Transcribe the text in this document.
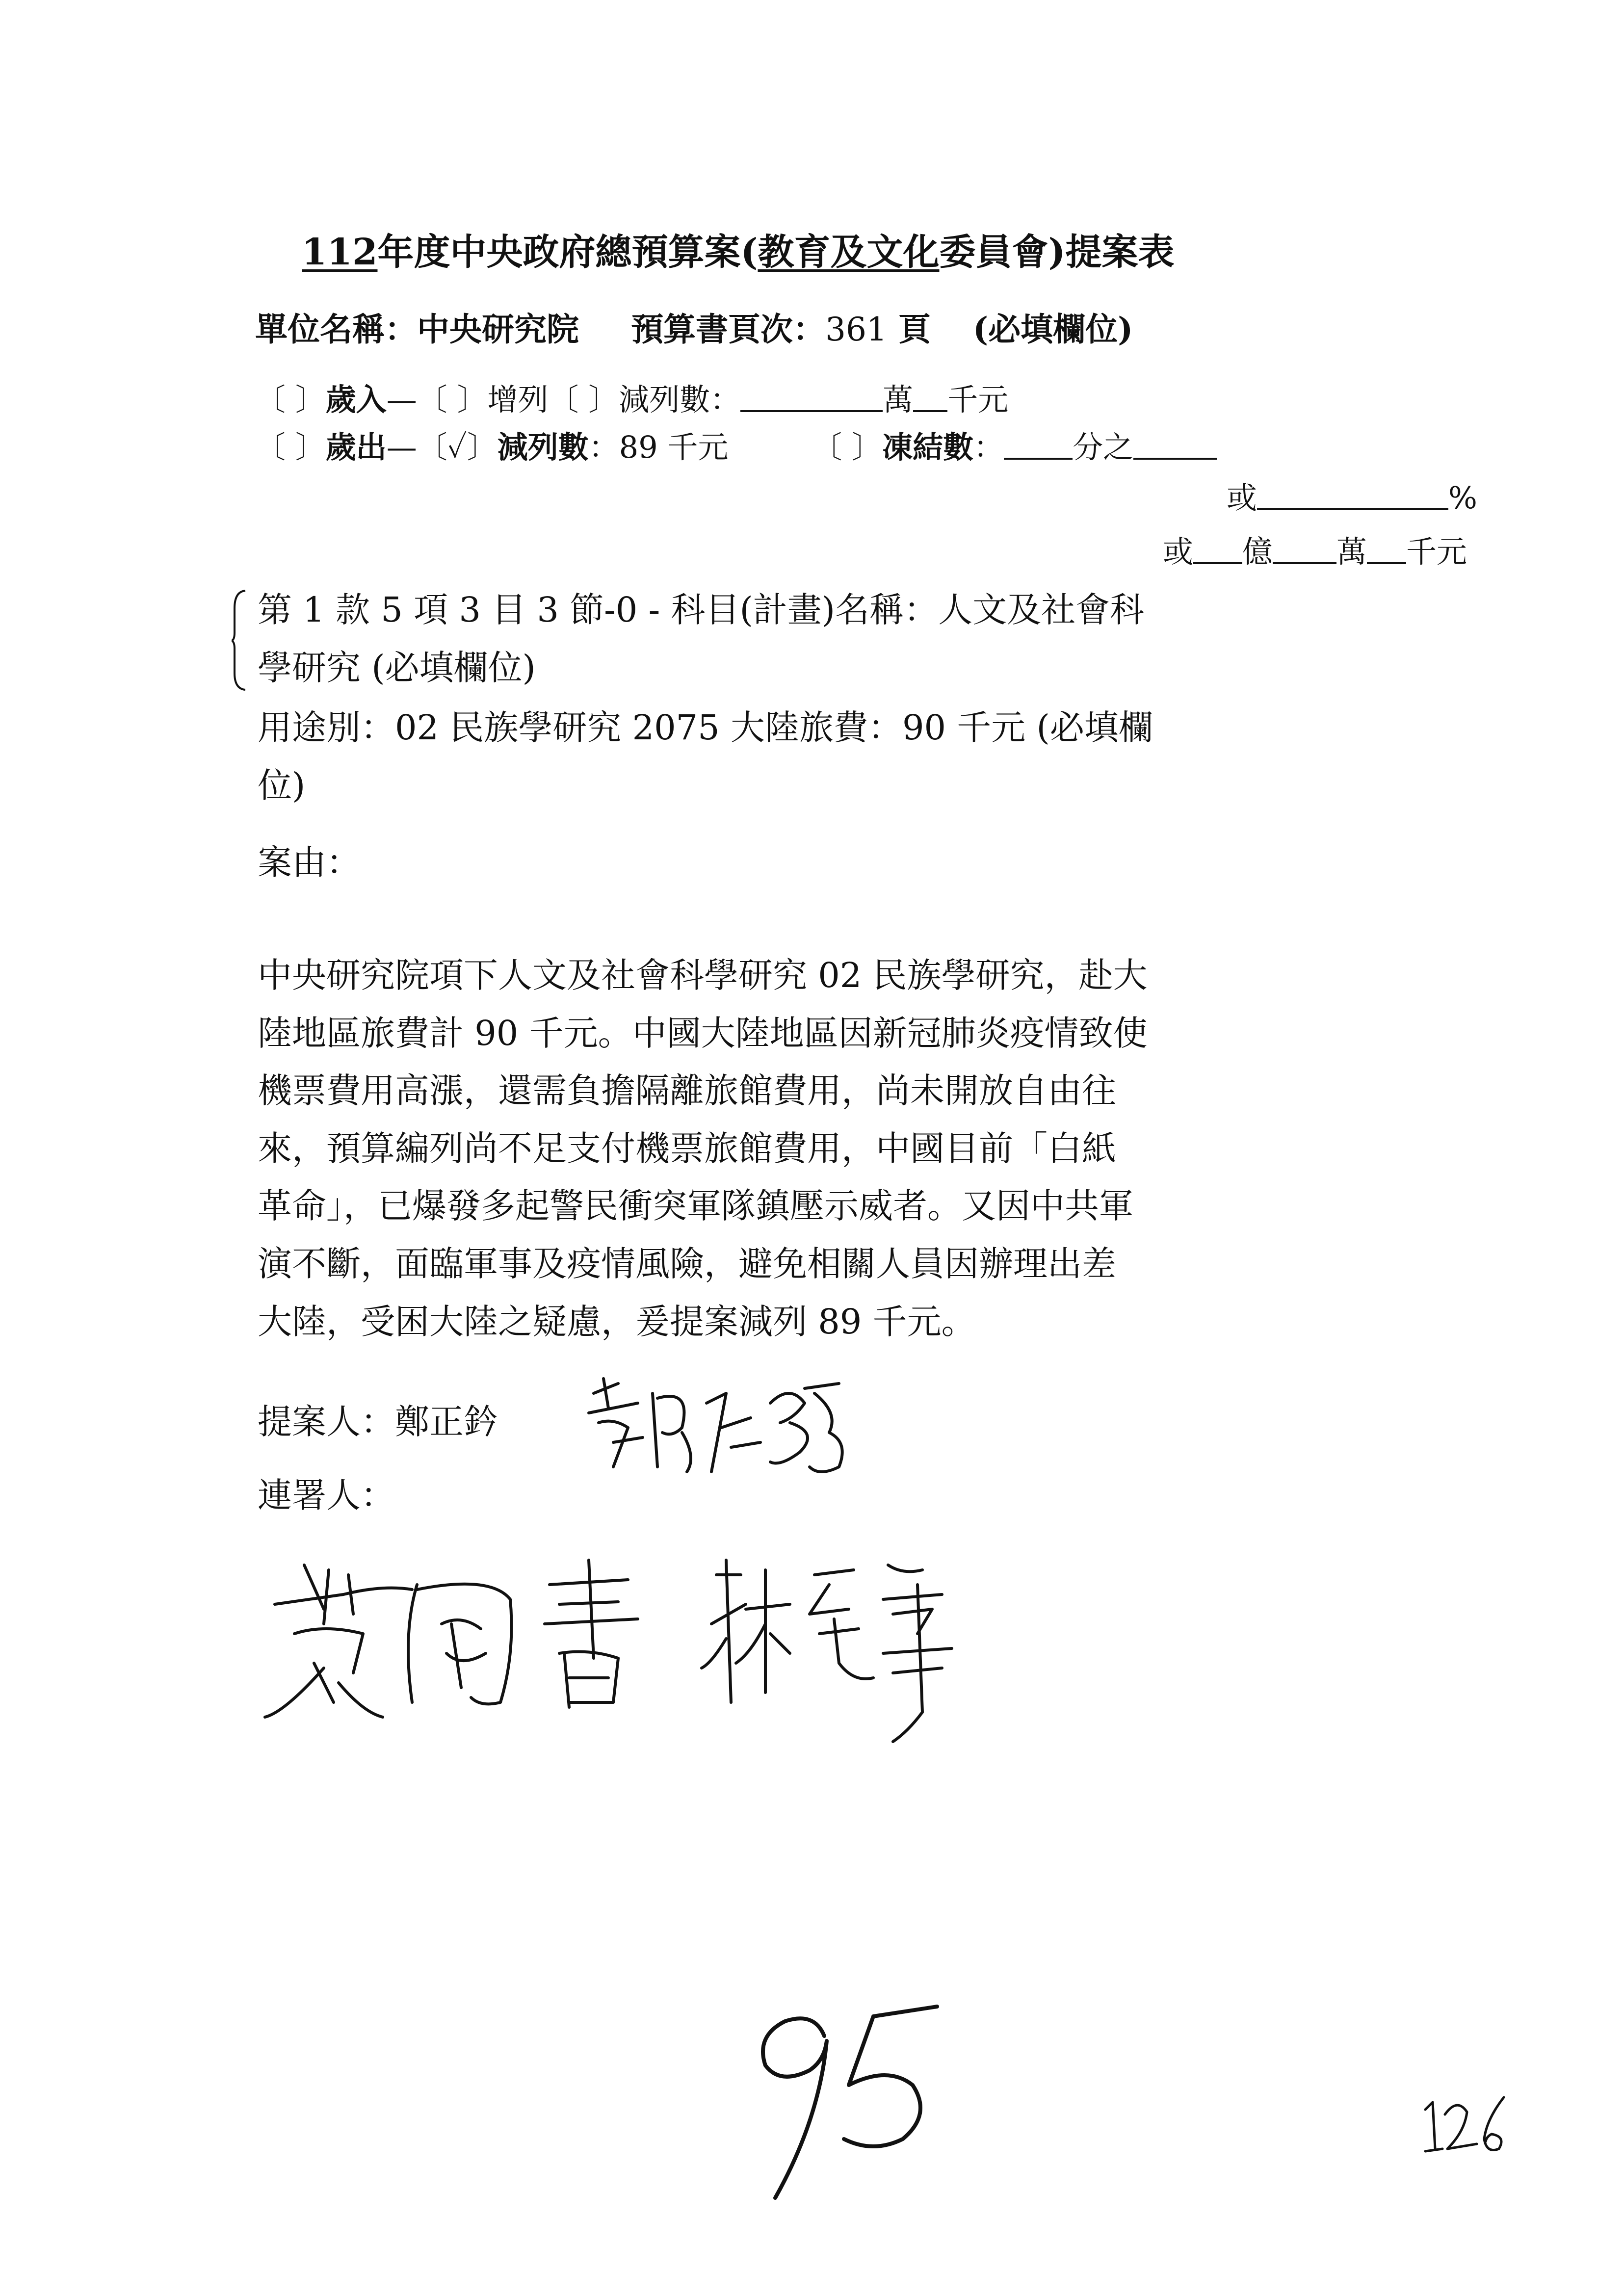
112年度中央政府總預算案(教育及文化委員會)提案表
單位名稱：中央研究院 預算書頁次：361 頁 (必填欄位)
〔 〕歲入—〔 〕增列〔 〕減列數：	萬 千元
〔 〕歲出—〔✓〕減列數：89 千元	〔 〕凍結數： 分之
或	%
或 億 萬 千元
第 1 款 5 項 3 目 3 節-0 - 科目(計畫)名稱：人文及社會科
學研究 (必填欄位)
用途別：02 民族學研究 2075 大陸旅費：90 千元 (必填欄
位)
案由：
中央研究院項下人文及社會科學研究 02 民族學研究，赴大
陸地區旅費計 90 千元。中國大陸地區因新冠肺炎疫情致使
機票費用高漲，還需負擔隔離旅館費用，尚未開放自由往
來，預算編列尚不足支付機票旅館費用，中國目前「白紙
革命」，已爆發多起警民衝突軍隊鎮壓示威者。又因中共軍
演不斷，面臨軍事及疫情風險，避免相關人員因辦理出差
大陸，受困大陸之疑慮，爰提案減列 89 千元。
提案人：鄭正鈐
連署人：
